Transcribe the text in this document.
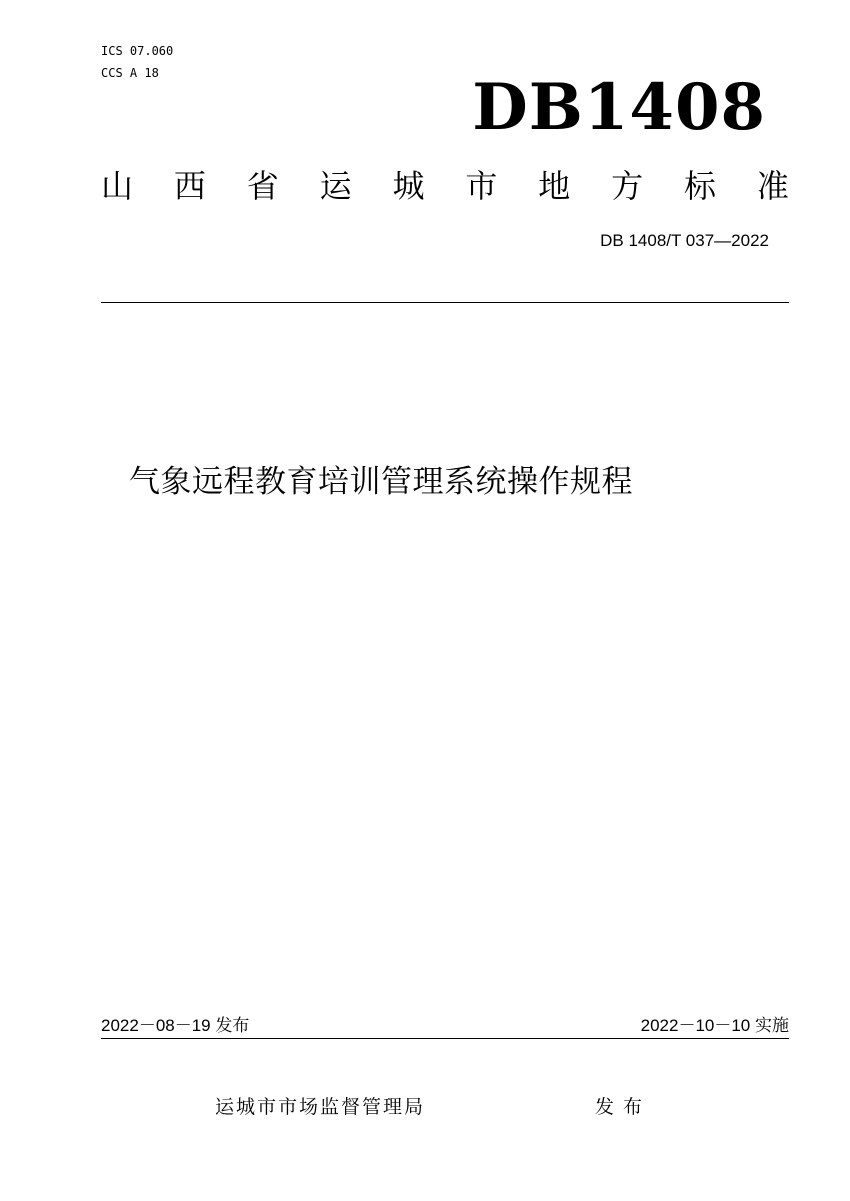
ICS 07.060
CCS A 18	DB1408
山 西 省 运 城 市 地 方 标 准
DB 1408/T 037—2022
气象远程教育培训管理系统操作规程
2022－08－19 发布	2022－10－10 实施
运城市市场监督管理局	发布
